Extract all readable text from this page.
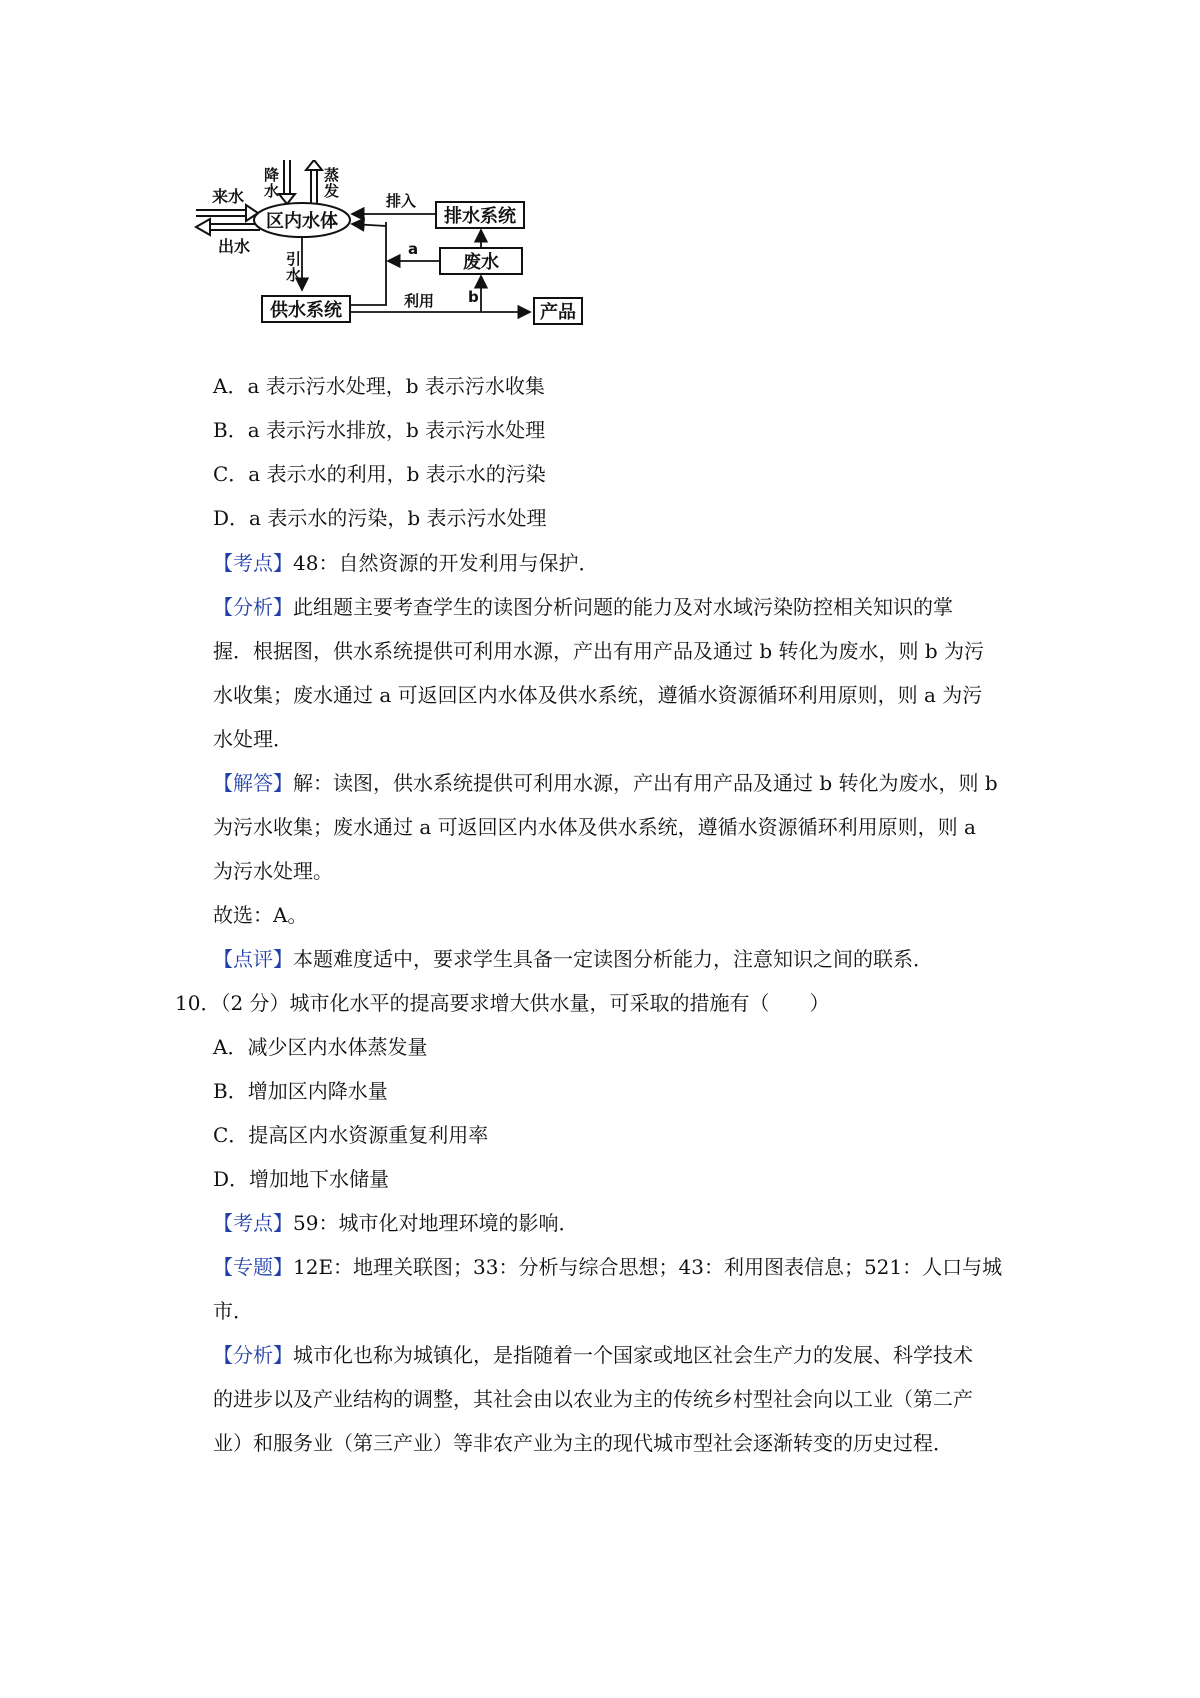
来水
出水
降
水
蒸
发
区内水体	排水系统
排入
废水
a
引
水
供水系统	利用 b
产品
A．a 表示污水处理，b 表示污水收集
B．a 表示污水排放，b 表示污水处理
C．a 表示水的利用，b 表示水的污染
D．a 表示水的污染，b 表示污水处理
【考点】48：自然资源的开发利用与保护．
【分析】此组题主要考查学生的读图分析问题的能力及对水域污染防控相关知识的掌
握．根据图，供水系统提供可利用水源，产出有用产品及通过 b 转化为废水，则 b 为污
水收集；废水通过 a 可返回区内水体及供水系统，遵循水资源循环利用原则，则 a 为污
水处理．
【解答】解：读图，供水系统提供可利用水源，产出有用产品及通过 b 转化为废水，则 b
为污水收集；废水通过 a 可返回区内水体及供水系统，遵循水资源循环利用原则，则 a
为污水处理。
故选：A。
【点评】本题难度适中，要求学生具备一定读图分析能力，注意知识之间的联系．
10．（2 分）城市化水平的提高要求增大供水量，可采取的措施有（　　）
A．减少区内水体蒸发量
B．增加区内降水量
C．提高区内水资源重复利用率
D．增加地下水储量
【考点】59：城市化对地理环境的影响．
【专题】12E：地理关联图；33：分析与综合思想；43：利用图表信息；521：人口与城
市．
【分析】城市化也称为城镇化，是指随着一个国家或地区社会生产力的发展、科学技术
的进步以及产业结构的调整，其社会由以农业为主的传统乡村型社会向以工业（第二产
业）和服务业（第三产业）等非农产业为主的现代城市型社会逐渐转变的历史过程．
